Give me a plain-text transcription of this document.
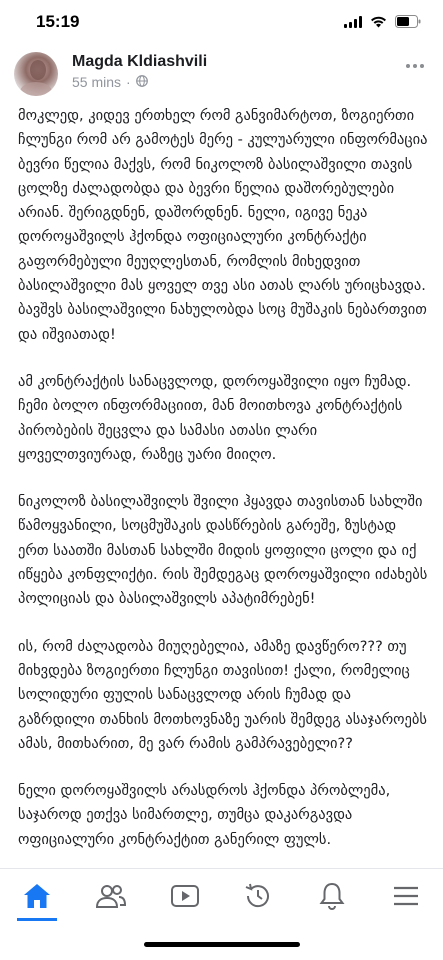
15:19
Magda Kldiashvili
55 mins ·

მოკლედ, კიდევ ერთხელ რომ განვიმარტოთ, ზოგიერთი ჩლუნგი რომ არ გამოტეს მერე - კულუარული ინფორმაცია ბევრი წელია მაქვს, რომ ნიკოლოზ ბასილაშვილი თავის ცოლზე ძალადობდა და ბევრი წელია დაშორებულები არიან. შერიგდნენ, დაშორდნენ. ნელი, იგივე ნეკა დოროყაშვილს ჰქონდა ოფიციალური კონტრაქტი გაფორმებული მეუღლესთან, რომლის მიხედვით ბასილაშვილი მას ყოველ თვე ასი ათას ლარს ურიცხავდა. ბავშვს ბასილაშვილი ნახულობდა სოც მუშაკის ნებართვით და იშვიათად!

ამ კონტრაქტის სანაცვლოდ, დოროყაშვილი იყო ჩუმად. ჩემი ბოლო ინფორმაციით, მან მოითხოვა კონტრაქტის პირობების შეცვლა და სამასი ათასი ლარი ყოველთვიურად, რაზეც უარი მიიღო.

ნიკოლოზ ბასილაშვილს შვილი ჰყავდა თავისთან სახლში წამოყვანილი, სოცმუშაკის დასწრების გარეშე, ზუსტად ერთ საათში მასთან სახლში მიდის ყოფილი ცოლი და იქ იწყება კონფლიქტი. რის შემდეგაც დოროყაშვილი იძახებს პოლიციას და ბასილაშვილს აპატიმრებენ!

ის, რომ ძალადობა მიუღებელია, ამაზე დავწერო??? თუ მიხვდება ზოგიერთი ჩლუნგი თავისით! ქალი, რომელიც სოლიდური ფულის სანაცვლოდ არის ჩუმად და გაზრდილი თანხის მოთხოვნაზე უარის შემდეგ ასაჯაროებს ამას, მითხარით, მე ვარ რამის გამპრავებელი??

ნელი დოროყაშვილს არასდროს ჰქონდა პრობლემა, საჯაროდ ეთქვა სიმართლე, თუმცა დაკარგავდა ოფიციალური კონტრაქტით განერილ ფულს.
